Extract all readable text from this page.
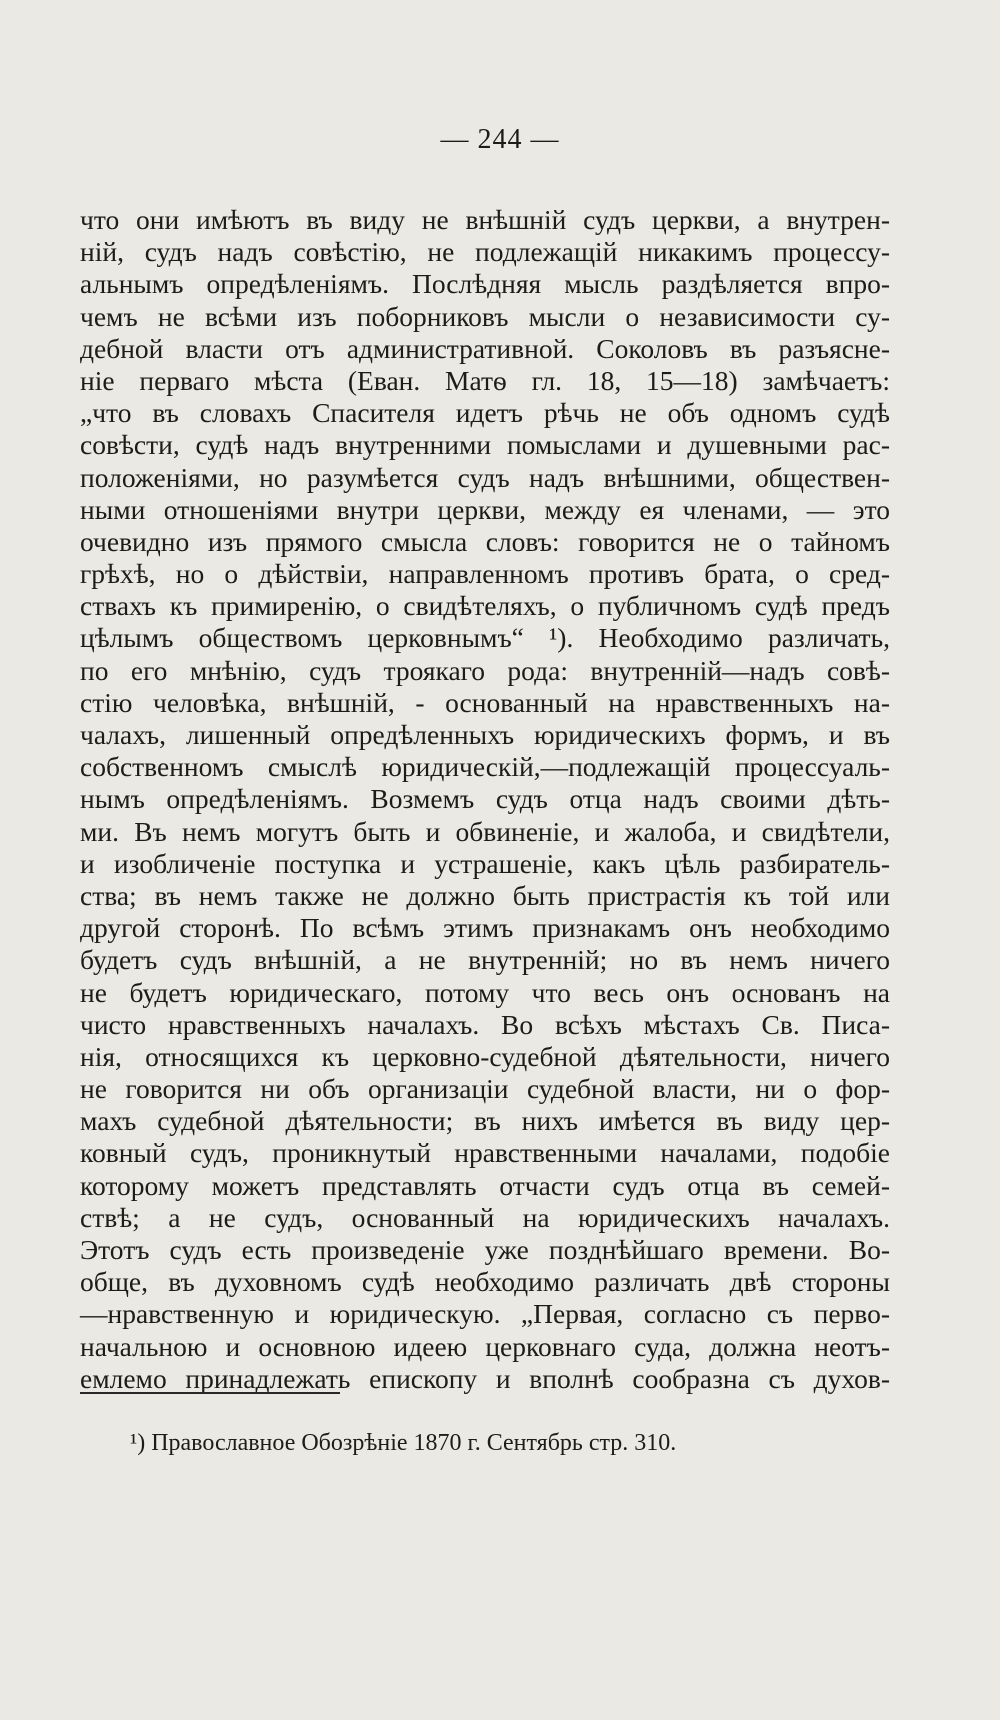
— 244 —
что они имѣютъ въ виду не внѣшній судъ церкви, а внутрен-
ній, судъ надъ совѣстію, не подлежащій никакимъ процессу-
альнымъ опредѣленіямъ. Послѣдняя мысль раздѣляется впро-
чемъ не всѣми изъ поборниковъ мысли о независимости су-
дебной власти отъ административной. Соколовъ въ разъясне-
ніе перваго мѣста (Еван. Матѳ гл. 18, 15—18) замѣчаетъ:
„что въ словахъ Спасителя идетъ рѣчь не объ одномъ судѣ
совѣсти, судѣ надъ внутренними помыслами и душевными рас-
положеніями, но разумѣется судъ надъ внѣшними, обществен-
ными отношеніями внутри церкви, между ея членами, — это
очевидно изъ прямого смысла словъ: говорится не о тайномъ
грѣхѣ, но о дѣйствіи, направленномъ противъ брата, о сред-
ствахъ къ примиренію, о свидѣтеляхъ, о публичномъ судѣ предъ
цѣлымъ обществомъ церковнымъ“ ¹). Необходимо различать,
по его мнѣнію, судъ троякаго рода: внутренній—надъ совѣ-
стію человѣка, внѣшній, - основанный на нравственныхъ на-
чалахъ, лишенный опредѣленныхъ юридическихъ формъ, и въ
собственномъ смыслѣ юридическій,—подлежащій процессуаль-
нымъ опредѣленіямъ. Возмемъ судъ отца надъ своими дѣть-
ми. Въ немъ могутъ быть и обвиненіе, и жалоба, и свидѣтели,
и изобличеніе поступка и устрашеніе, какъ цѣль разбиратель-
ства; въ немъ также не должно быть пристрастія къ той или
другой сторонѣ. По всѣмъ этимъ признакамъ онъ необходимо
будетъ судъ внѣшній, а не внутренній; но въ немъ ничего
не будетъ юридическаго, потому что весь онъ основанъ на
чисто нравственныхъ началахъ. Во всѣхъ мѣстахъ Св. Писа-
нія, относящихся къ церковно-судебной дѣятельности, ничего
не говорится ни объ организаціи судебной власти, ни о фор-
махъ судебной дѣятельности; въ нихъ имѣется въ виду цер-
ковный судъ, проникнутый нравственными началами, подобіе
которому можетъ представлять отчасти судъ отца въ семей-
ствѣ; а не судъ, основанный на юридическихъ началахъ.
Этотъ судъ есть произведеніе уже позднѣйшаго времени. Во-
обще, въ духовномъ судѣ необходимо различать двѣ стороны
—нравственную и юридическую. „Первая, согласно съ перво-
начальною и основною идеею церковнаго суда, должна неотъ-
емлемо принадлежать епископу и вполнѣ сообразна съ духов-
¹) Православное Обозрѣніе 1870 г. Сентябрь стр. 310.
